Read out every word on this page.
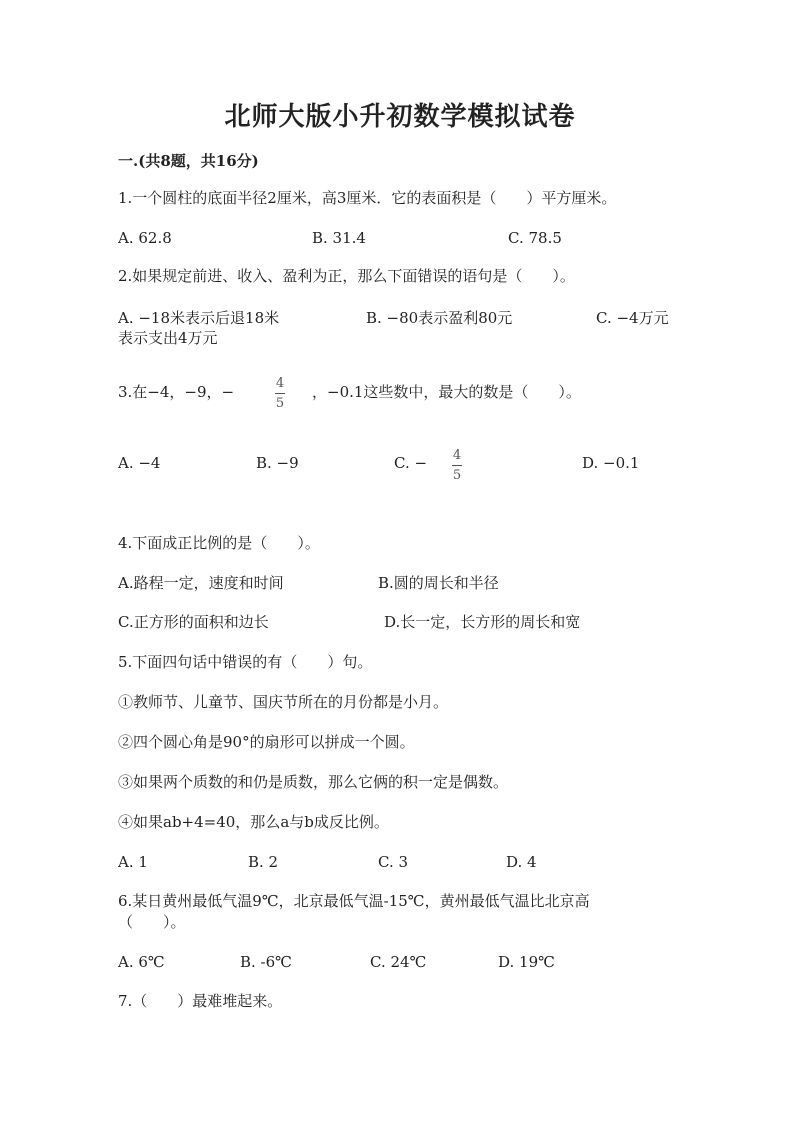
北师大版小升初数学模拟试卷
一.(共8题，共16分)
1.一个圆柱的底面半径2厘米，高3厘米．它的表面积是（　　）平方厘米。
A. 62.8	B. 31.4	C. 78.5
2.如果规定前进、收入、盈利为正，那么下面错误的语句是（　　）。
A. −18米表示后退18米	B. −80表示盈利80元	C. −4万元
表示支出4万元
3.在−4，−9，−	4
5
，−0.1这些数中，最大的数是（　　）。
A. −4	B. −9	C. − 4
5
D. −0.1
4.下面成正比例的是（　　）。
A.路程一定，速度和时间	B.圆的周长和半径
C.正方形的面积和边长	D.长一定，长方形的周长和宽
5.下面四句话中错误的有（　　）句。
①教师节、儿童节、国庆节所在的月份都是小月。
②四个圆心角是90°的扇形可以拼成一个圆。
③如果两个质数的和仍是质数，那么它俩的积一定是偶数。
④如果ab+4=40，那么a与b成反比例。
A. 1	B. 2	C. 3	D. 4
6.某日黄州最低气温9℃，北京最低气温-15℃，黄州最低气温比北京高
（　　）。
A. 6℃	B. -6℃	C. 24℃	D. 19℃
7.（　　）最难堆起来。
